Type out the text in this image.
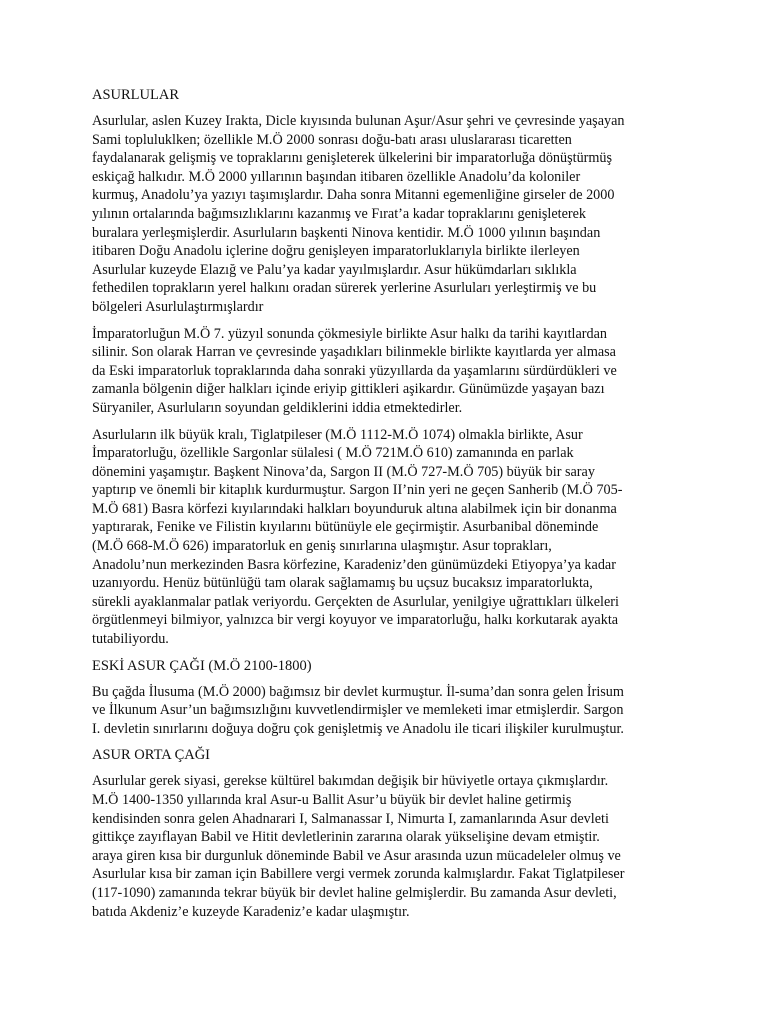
ASURLULAR
Asurlular, aslen Kuzey Irakta, Dicle kıyısında bulunan Aşur/Asur şehri ve çevresinde yaşayan
Sami topluluklken; özellikle M.Ö 2000 sonrası doğu-batı arası uluslararası ticaretten
faydalanarak gelişmiş ve topraklarını genişleterek ülkelerini bir imparatorluğa dönüştürmüş
eskiçağ halkıdır. M.Ö 2000 yıllarının başından itibaren özellikle Anadolu’da koloniler
kurmuş, Anadolu’ya yazıyı taşımışlardır. Daha sonra Mitanni egemenliğine girseler de 2000
yılının ortalarında bağımsızlıklarını kazanmış ve Fırat’a kadar topraklarını genişleterek
buralara yerleşmişlerdir. Asurluların başkenti Ninova kentidir. M.Ö 1000 yılının başından
itibaren Doğu Anadolu içlerine doğru genişleyen imparatorluklarıyla birlikte ilerleyen
Asurlular kuzeyde Elazığ ve Palu’ya kadar yayılmışlardır. Asur hükümdarları sıklıkla
fethedilen toprakların yerel halkını oradan sürerek yerlerine Asurluları yerleştirmiş ve bu
bölgeleri Asurlulaştırmışlardır
İmparatorluğun M.Ö 7. yüzyıl sonunda çökmesiyle birlikte Asur halkı da tarihi kayıtlardan
silinir. Son olarak Harran ve çevresinde yaşadıkları bilinmekle birlikte kayıtlarda yer almasa
da Eski imparatorluk topraklarında daha sonraki yüzyıllarda da yaşamlarını sürdürdükleri ve
zamanla bölgenin diğer halkları içinde eriyip gittikleri aşikardır. Günümüzde yaşayan bazı
Süryaniler, Asurluların soyundan geldiklerini iddia etmektedirler.
Asurluların ilk büyük kralı, Tiglatpileser (M.Ö 1112-M.Ö 1074) olmakla birlikte, Asur
İmparatorluğu, özellikle Sargonlar sülalesi ( M.Ö 721M.Ö 610) zamanında en parlak
dönemini yaşamıştır. Başkent Ninova’da, Sargon II (M.Ö 727-M.Ö 705) büyük bir saray
yaptırıp ve önemli bir kitaplık kurdurmuştur. Sargon II’nin yeri ne geçen Sanherib (M.Ö 705-
M.Ö 681) Basra körfezi kıyılarındaki halkları boyunduruk altına alabilmek için bir donanma
yaptırarak, Fenike ve Filistin kıyılarını bütünüyle ele geçirmiştir. Asurbanibal döneminde
(M.Ö 668-M.Ö 626) imparatorluk en geniş sınırlarına ulaşmıştır. Asur toprakları,
Anadolu’nun merkezinden Basra körfezine, Karadeniz’den günümüzdeki Etiyopya’ya kadar
uzanıyordu. Henüz bütünlüğü tam olarak sağlamamış bu uçsuz bucaksız imparatorlukta,
sürekli ayaklanmalar patlak veriyordu. Gerçekten de Asurlular, yenilgiye uğrattıkları ülkeleri
örgütlenmeyi bilmiyor, yalnızca bir vergi koyuyor ve imparatorluğu, halkı korkutarak ayakta
tutabiliyordu.
ESKİ ASUR ÇAĞI (M.Ö 2100-1800)
Bu çağda İlusuma (M.Ö 2000) bağımsız bir devlet kurmuştur. İl-suma’dan sonra gelen İrisum
ve İlkunum Asur’un bağımsızlığını kuvvetlendirmişler ve memleketi imar etmişlerdir. Sargon
I. devletin sınırlarını doğuya doğru çok genişletmiş ve Anadolu ile ticari ilişkiler kurulmuştur.
ASUR ORTA ÇAĞI
Asurlular gerek siyasi, gerekse kültürel bakımdan değişik bir hüviyetle ortaya çıkmışlardır.
M.Ö 1400-1350 yıllarında kral Asur-u Ballit Asur’u büyük bir devlet haline getirmiş
kendisinden sonra gelen Ahadnarari I, Salmanassar I, Nimurta I, zamanlarında Asur devleti
gittikçe zayıflayan Babil ve Hitit devletlerinin zararına olarak yükselişine devam etmiştir.
araya giren kısa bir durgunluk döneminde Babil ve Asur arasında uzun mücadeleler olmuş ve
Asurlular kısa bir zaman için Babillere vergi vermek zorunda kalmışlardır. Fakat Tiglatpileser
(117-1090) zamanında tekrar büyük bir devlet haline gelmişlerdir. Bu zamanda Asur devleti,
batıda Akdeniz’e kuzeyde Karadeniz’e kadar ulaşmıştır.
